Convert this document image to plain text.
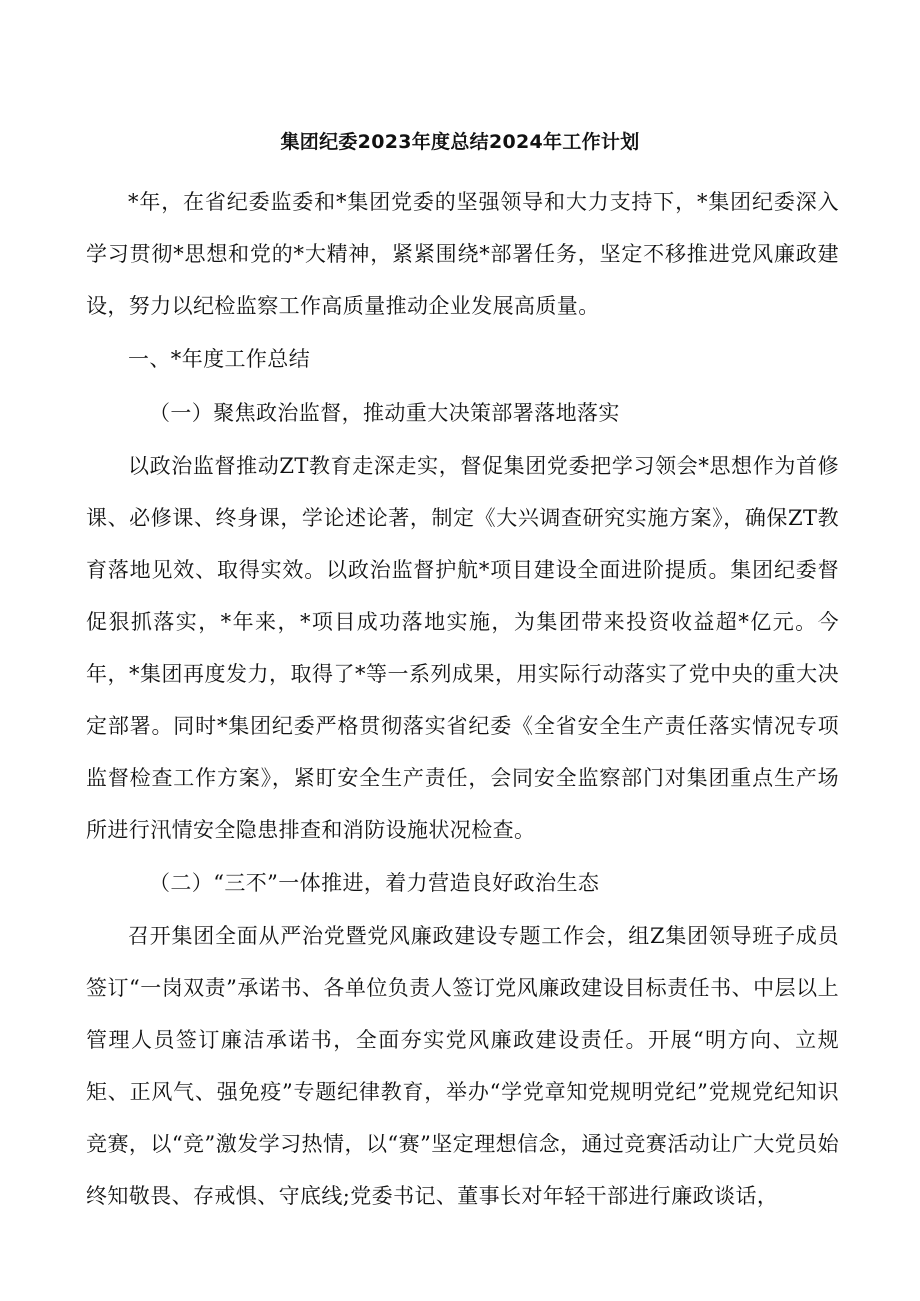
集团纪委2023年度总结2024年工作计划

*年，在省纪委监委和*集团党委的坚强领导和大力支持下，*集团纪委深入学习贯彻*思想和党的*大精神，紧紧围绕*部署任务，坚定不移推进党风廉政建设，努力以纪检监察工作高质量推动企业发展高质量。

一、*年度工作总结

（一）聚焦政治监督，推动重大决策部署落地落实

以政治监督推动ZT教育走深走实，督促集团党委把学习领会*思想作为首修课、必修课、终身课，学论述论著，制定《大兴调查研究实施方案》，确保ZT教育落地见效、取得实效。以政治监督护航*项目建设全面进阶提质。集团纪委督促狠抓落实，*年来，*项目成功落地实施，为集团带来投资收益超*亿元。今年，*集团再度发力，取得了*等一系列成果，用实际行动落实了党中央的重大决定部署。同时*集团纪委严格贯彻落实省纪委《全省安全生产责任落实情况专项监督检查工作方案》，紧盯安全生产责任，会同安全监察部门对集团重点生产场所进行汛情安全隐患排查和消防设施状况检查。

（二）“三不”一体推进，着力营造良好政治生态

召开集团全面从严治党暨党风廉政建设专题工作会，组Z集团领导班子成员签订“一岗双责”承诺书、各单位负责人签订党风廉政建设目标责任书、中层以上管理人员签订廉洁承诺书，全面夯实党风廉政建设责任。开展“明方向、立规矩、正风气、强免疫”专题纪律教育，举办“学党章知党规明党纪”党规党纪知识竞赛，以“竞”激发学习热情，以“赛”坚定理想信念，通过竞赛活动让广大党员始终知敬畏、存戒惧、守底线;党委书记、董事长对年轻干部进行廉政谈话，
